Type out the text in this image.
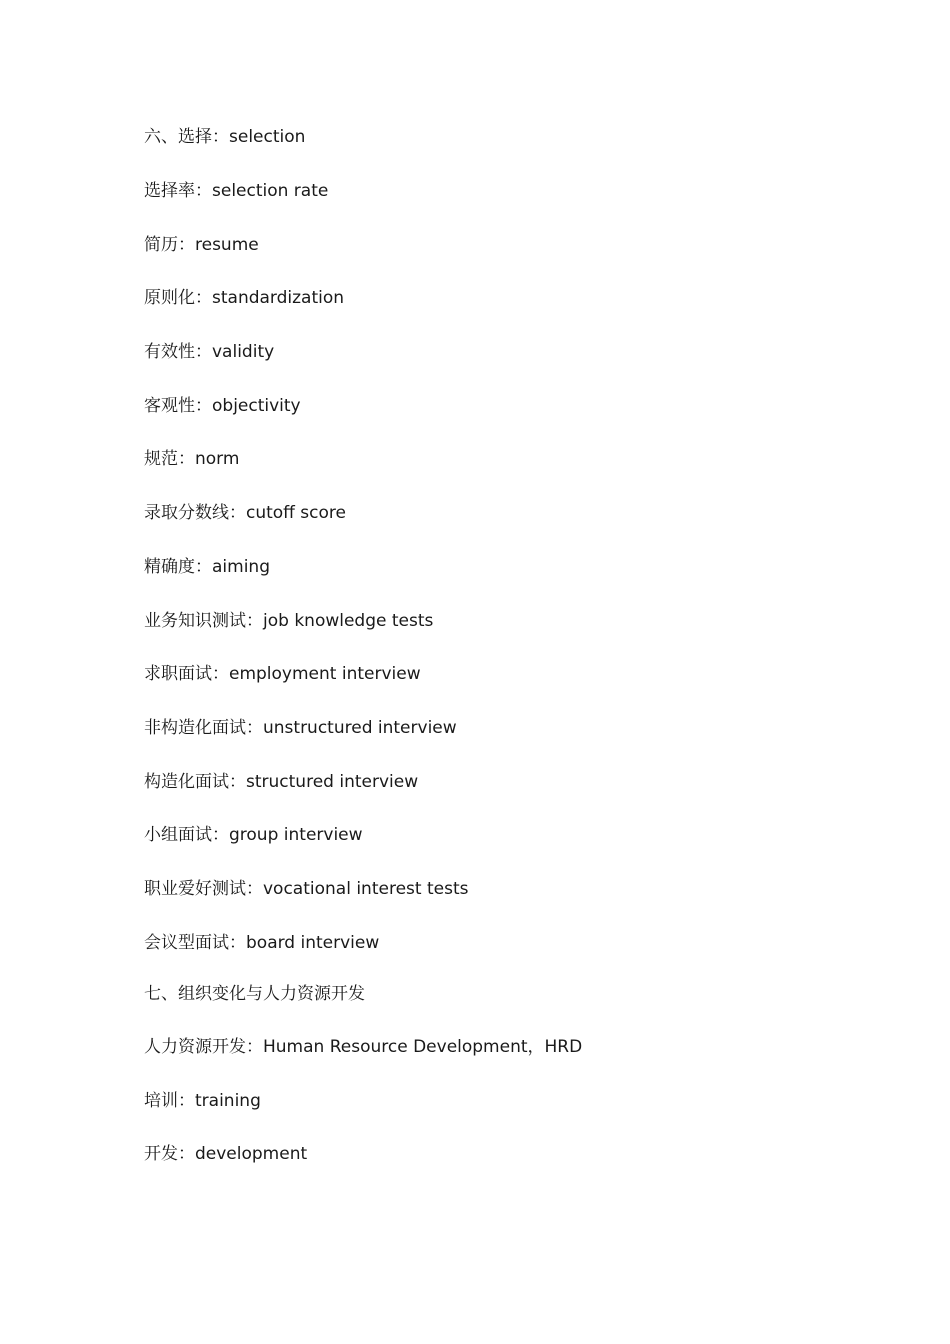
六、选择：selection
选择率：selection rate
简历：resume
原则化：standardization
有效性：validity
客观性：objectivity
规范：norm
录取分数线：cutoff score
精确度：aiming
业务知识测试：job knowledge tests
求职面试：employment interview
非构造化面试：unstructured interview
构造化面试：structured interview
小组面试：group interview
职业爱好测试：vocational interest tests
会议型面试：board interview
七、组织变化与人力资源开发
人力资源开发：Human Resource Development，HRD
培训：training
开发：development
